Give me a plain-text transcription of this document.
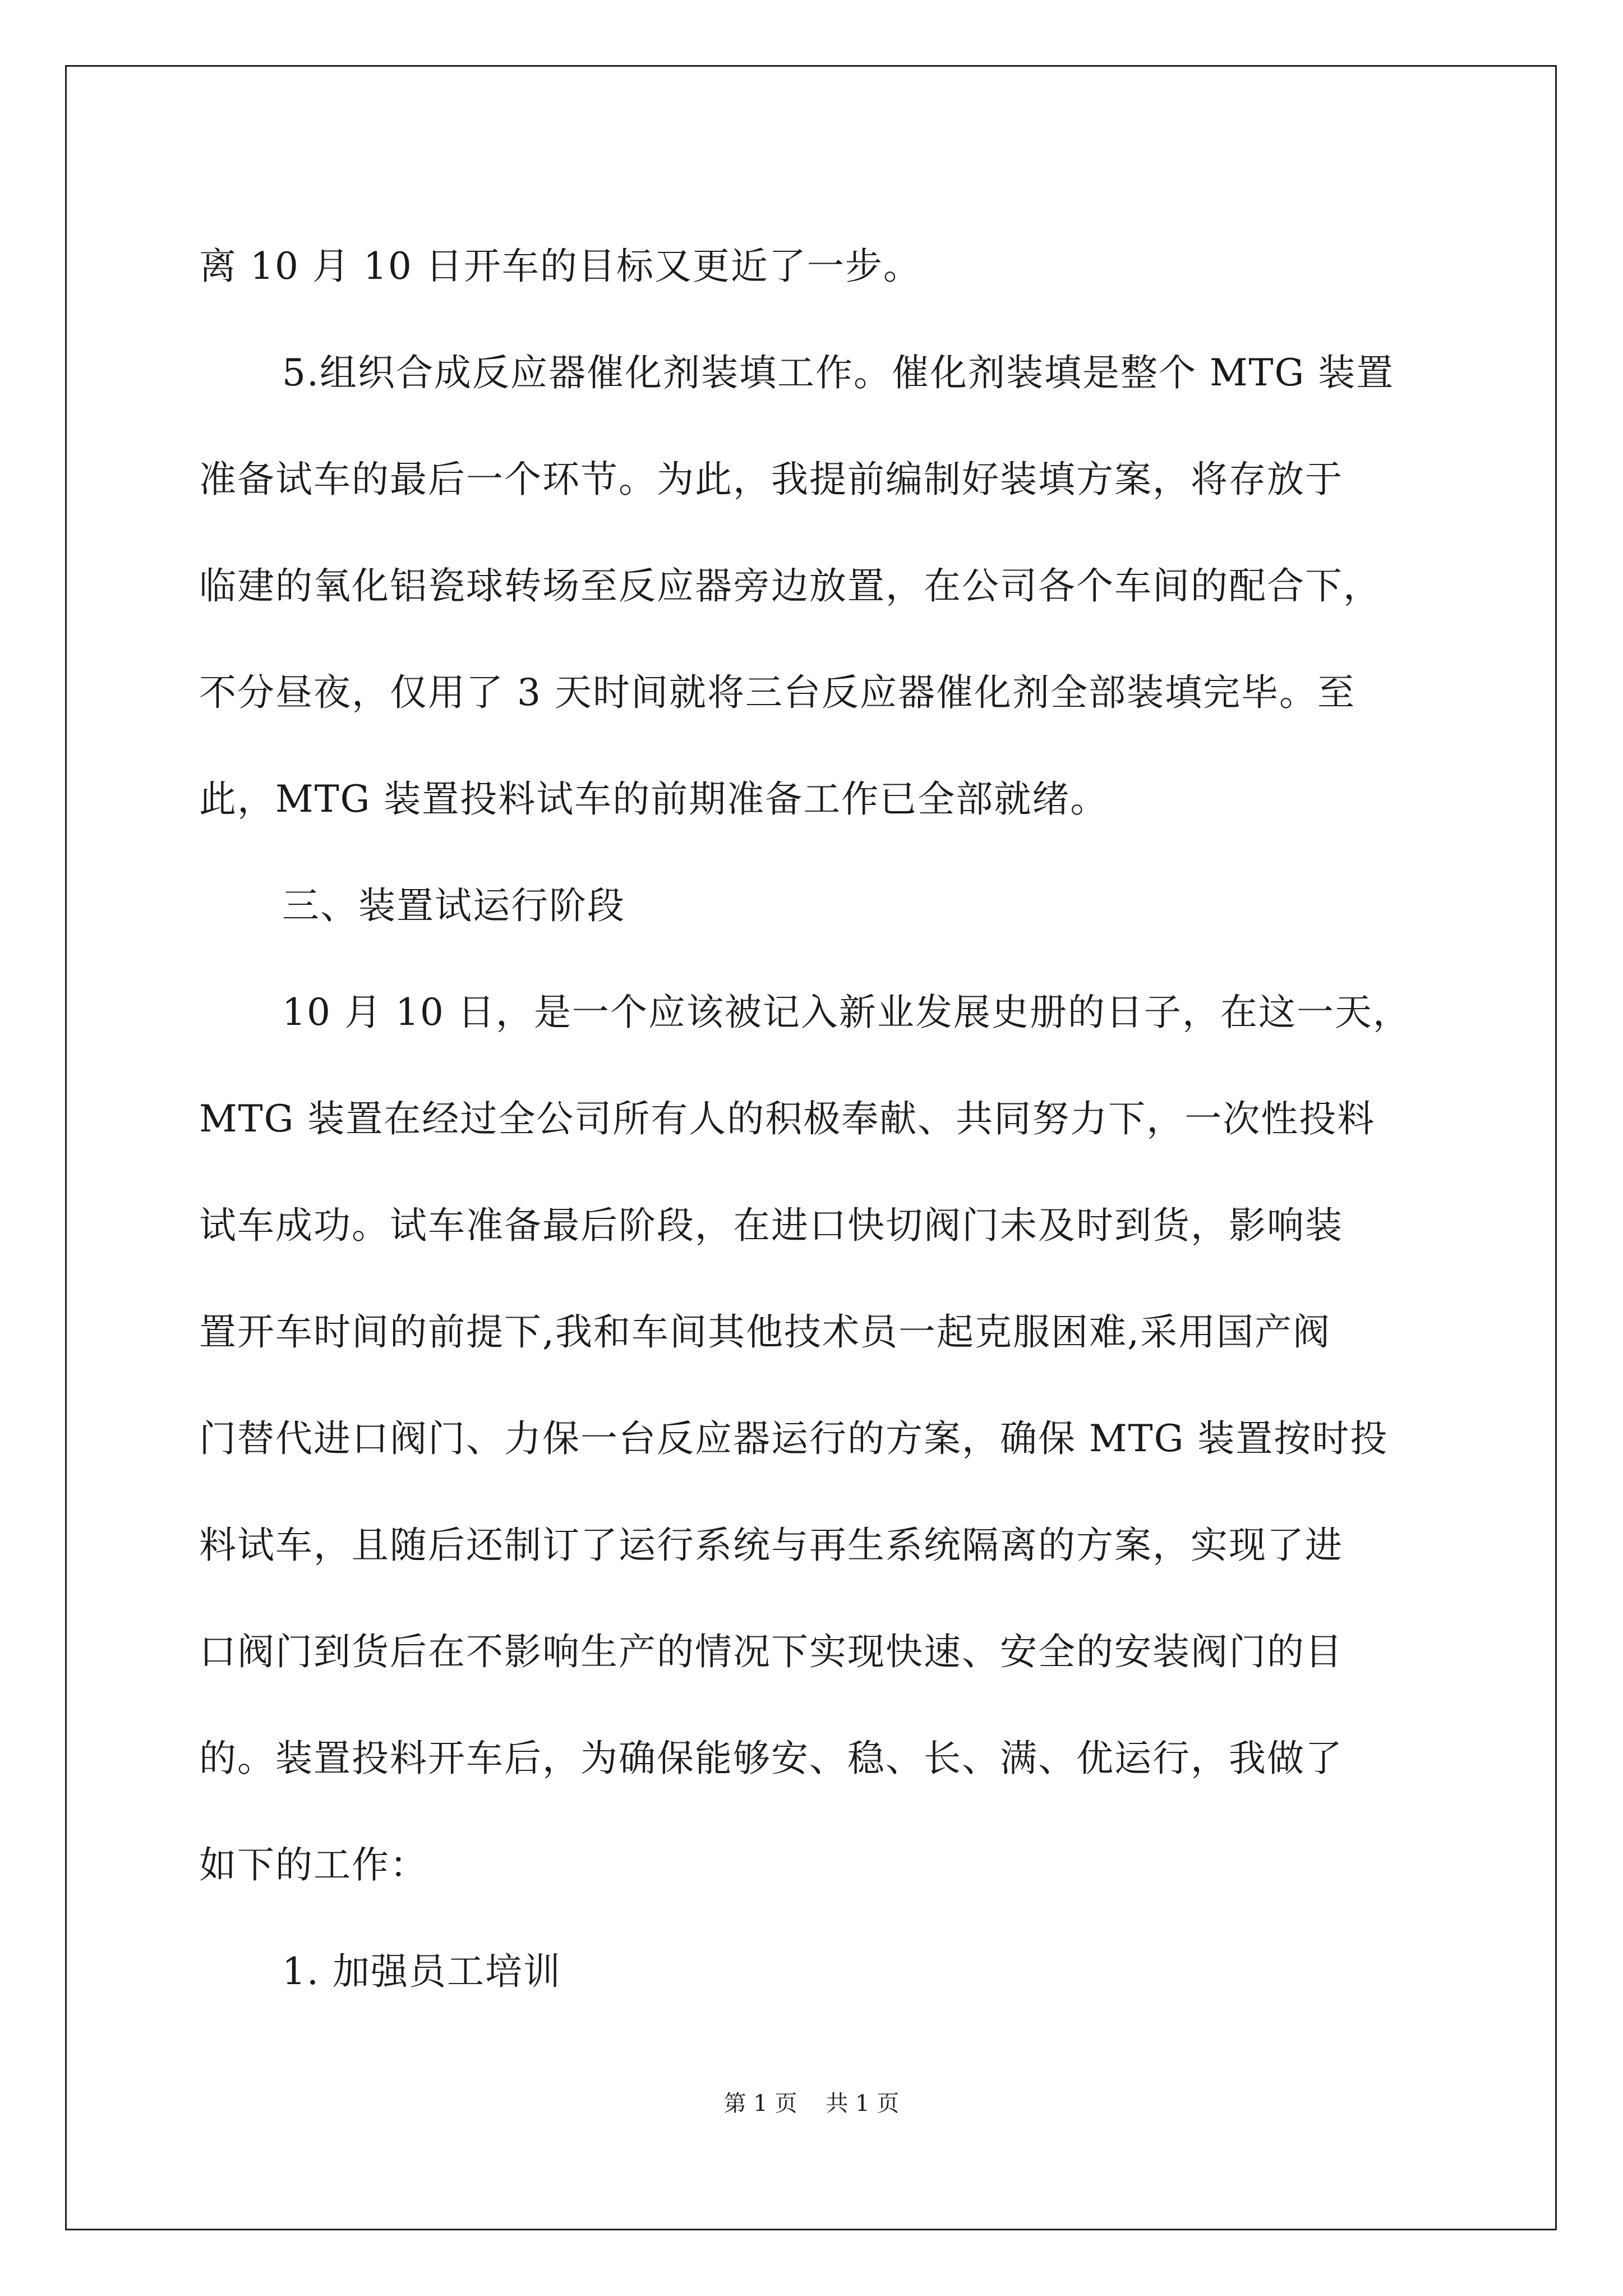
离 10 月 10 日开车的目标又更近了一步。
5.组织合成反应器催化剂装填工作。催化剂装填是整个 MTG 装置
准备试车的最后一个环节。为此，我提前编制好装填方案，将存放于
临建的氧化铝瓷球转场至反应器旁边放置，在公司各个车间的配合下，
不分昼夜，仅用了 3 天时间就将三台反应器催化剂全部装填完毕。至
此，MTG 装置投料试车的前期准备工作已全部就绪。
三、装置试运行阶段
10 月 10 日，是一个应该被记入新业发展史册的日子，在这一天，
MTG 装置在经过全公司所有人的积极奉献、共同努力下，一次性投料
试车成功。试车准备最后阶段，在进口快切阀门未及时到货，影响装
置开车时间的前提下,我和车间其他技术员一起克服困难,采用国产阀
门替代进口阀门、力保一台反应器运行的方案，确保 MTG 装置按时投
料试车，且随后还制订了运行系统与再生系统隔离的方案，实现了进
口阀门到货后在不影响生产的情况下实现快速、安全的安装阀门的目
的。装置投料开车后，为确保能够安、稳、长、满、优运行，我做了
如下的工作：
1. 加强员工培训
第 1 页    共 1 页
